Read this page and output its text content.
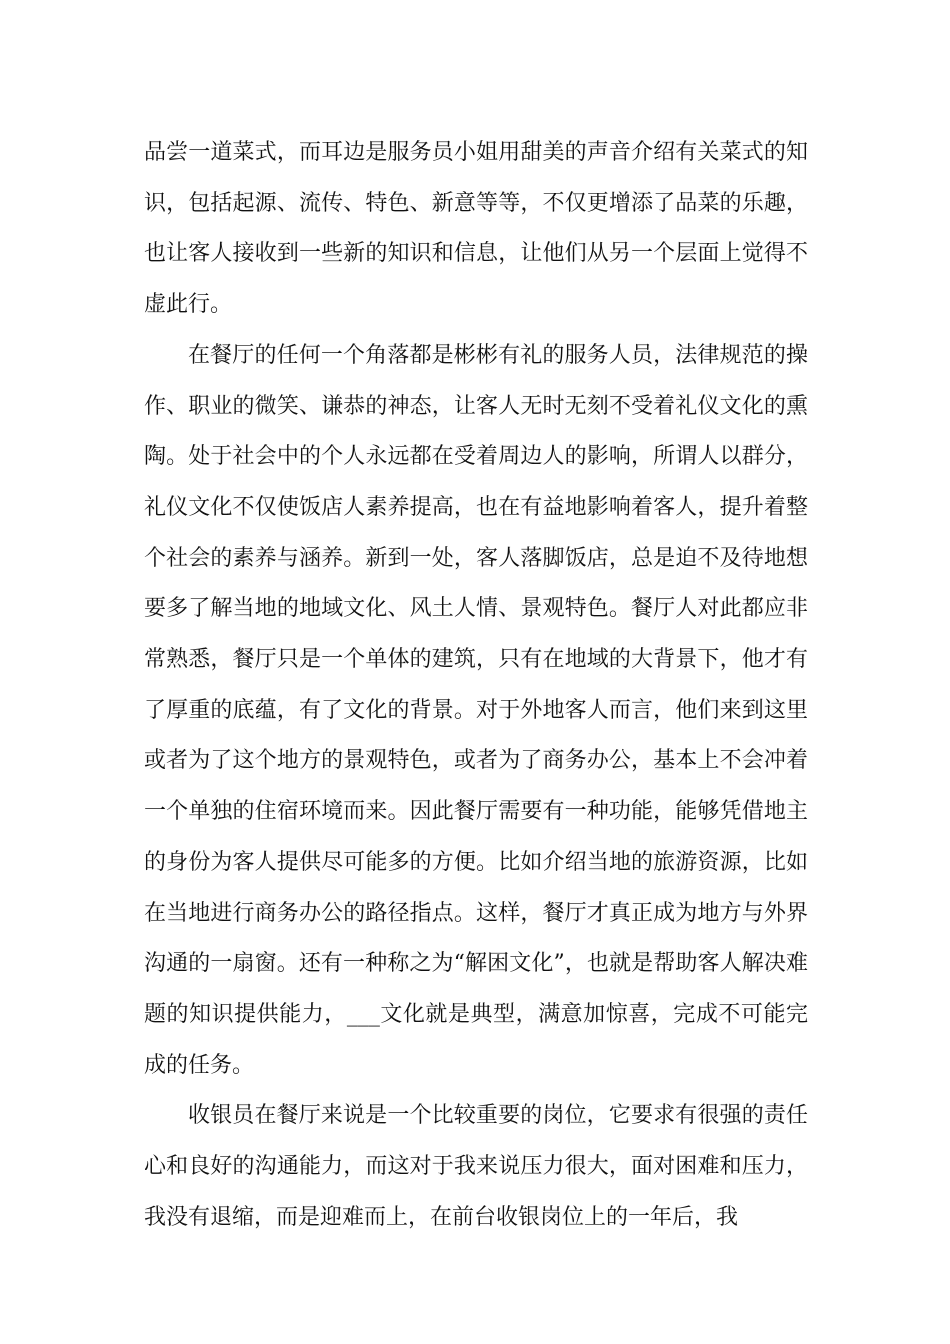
品尝一道菜式，而耳边是服务员小姐用甜美的声音介绍有关菜式的知识，包括起源、流传、特色、新意等等，不仅更增添了品菜的乐趣，也让客人接收到一些新的知识和信息，让他们从另一个层面上觉得不虚此行。

在餐厅的任何一个角落都是彬彬有礼的服务人员，法律规范的操作、职业的微笑、谦恭的神态，让客人无时无刻不受着礼仪文化的熏陶。处于社会中的个人永远都在受着周边人的影响，所谓人以群分，礼仪文化不仅使饭店人素养提高，也在有益地影响着客人，提升着整个社会的素养与涵养。新到一处，客人落脚饭店，总是迫不及待地想要多了解当地的地域文化、风土人情、景观特色。餐厅人对此都应非常熟悉，餐厅只是一个单体的建筑，只有在地域的大背景下，他才有了厚重的底蕴，有了文化的背景。对于外地客人而言，他们来到这里或者为了这个地方的景观特色，或者为了商务办公，基本上不会冲着一个单独的住宿环境而来。因此餐厅需要有一种功能，能够凭借地主的身份为客人提供尽可能多的方便。比如介绍当地的旅游资源，比如在当地进行商务办公的路径指点。这样，餐厅才真正成为地方与外界沟通的一扇窗。还有一种称之为“解困文化”，也就是帮助客人解决难题的知识提供能力，___文化就是典型，满意加惊喜，完成不可能完成的任务。

收银员在餐厅来说是一个比较重要的岗位，它要求有很强的责任心和良好的沟通能力，而这对于我来说压力很大，面对困难和压力，我没有退缩，而是迎难而上，在前台收银岗位上的一年后，我
